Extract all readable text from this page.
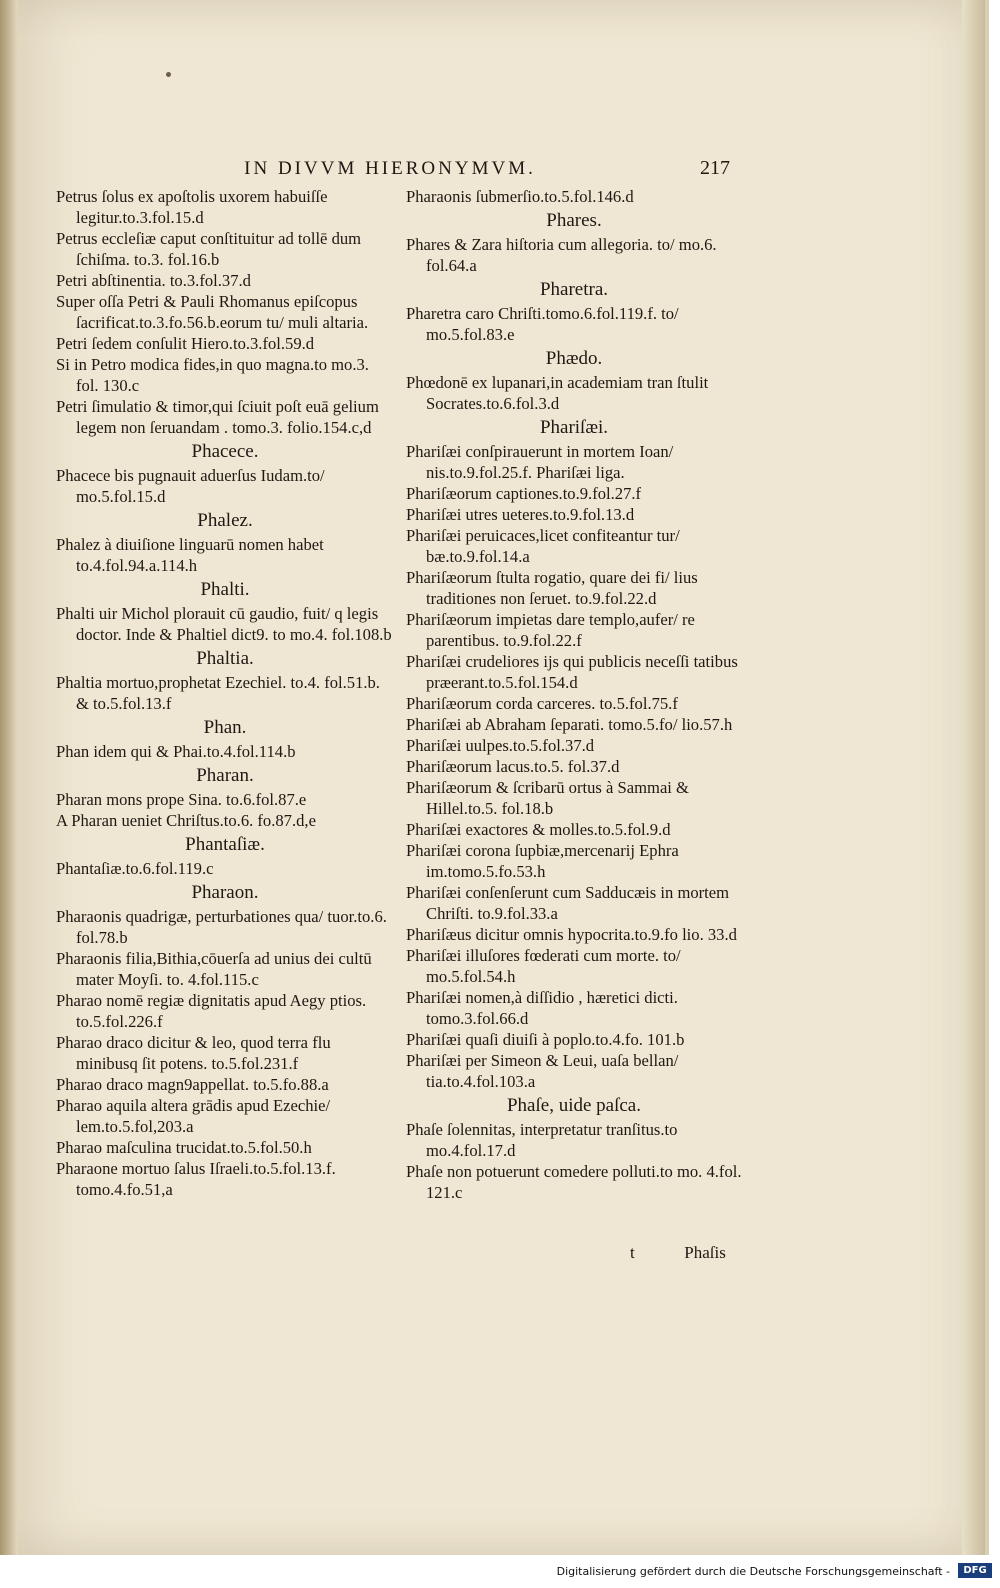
IN DIVVM HIERONYMVM.	217

Petrus ſolus ex apoſtolis uxorem habuiſſe legitur.to.3.fol.15.d

Petrus eccleſiæ caput conſtituitur ad tollē dum ſchiſma. to.3. fol.16.b

Petri abſtinentia. to.3.fol.37.d

Super oſſa Petri & Pauli Rhomanus epiſcopus ſacrificat.to.3.fo.56.b.eorum tu/ muli altaria.

Petri ſedem conſulit Hiero.to.3.fol.59.d

Si in Petro modica fides,in quo magna.to mo.3. fol. 130.c

Petri ſimulatio & timor,qui ſciuit poſt euā gelium legem non ſeruandam . tomo.3. folio.154.c,d

Phacece.

Phacece bis pugnauit aduerſus Iudam.to/ mo.5.fol.15.d

Phalez.

Phalez à diuiſione linguarū nomen habet to.4.fol.94.a.114.h

Phalti.

Phalti uir Michol plorauit cū gaudio, fuit/ q legis doctor. Inde & Phaltiel dict9. to mo.4. fol.108.b

Phaltia.

Phaltia mortuo,prophetat Ezechiel. to.4. fol.51.b. & to.5.fol.13.f

Phan.

Phan idem qui & Phai.to.4.fol.114.b

Pharan.

Pharan mons prope Sina. to.6.fol.87.e

A Pharan ueniet Chriſtus.to.6. fo.87.d,e

Phantaſiæ.

Phantaſiæ.to.6.fol.119.c

Pharaon.

Pharaonis quadrigæ, perturbationes qua/ tuor.to.6. fol.78.b

Pharaonis filia,Bithia,cōuerſa ad unius dei cultū mater Moyſi. to. 4.fol.115.c

Pharao nomē regiæ dignitatis apud Aegy ptios. to.5.fol.226.f

Pharao draco dicitur & leo, quod terra flu minibusq ſit potens. to.5.fol.231.f

Pharao draco magn9appellat. to.5.fo.88.a

Pharao aquila altera grādis apud Ezechie/ lem.to.5.fol,203.a

Pharao maſculina trucidat.to.5.fol.50.h

Pharaone mortuo ſalus Iſraeli.to.5.fol.13.f. tomo.4.fo.51,a

Pharaonis ſubmerſio.to.5.fol.146.d

Phares.

Phares & Zara hiſtoria cum allegoria. to/ mo.6. fol.64.a

Pharetra.

Pharetra caro Chriſti.tomo.6.fol.119.f. to/ mo.5.fol.83.e

Phædo.

Phœdonē ex lupanari,in academiam tran ſtulit Socrates.to.6.fol.3.d

Phariſæi.

Phariſæi conſpirauerunt in mortem Ioan/ nis.to.9.fol.25.f. Phariſæi liga.

Phariſæorum captiones.to.9.fol.27.f

Phariſæi utres ueteres.to.9.fol.13.d

Phariſæi peruicaces,licet confiteantur tur/ bæ.to.9.fol.14.a

Phariſæorum ſtulta rogatio, quare dei fi/ lius traditiones non ſeruet. to.9.fol.22.d

Phariſæorum impietas dare templo,aufer/ re parentibus. to.9.fol.22.f

Phariſæi crudeliores ijs qui publicis neceſſi tatibus præerant.to.5.fol.154.d

Phariſæorum corda carceres. to.5.fol.75.f

Phariſæi ab Abraham ſeparati. tomo.5.fo/ lio.57.h

Phariſæi uulpes.to.5.fol.37.d

Phariſæorum lacus.to.5. fol.37.d

Phariſæorum & ſcribarū ortus à Sammai & Hillel.to.5. fol.18.b

Phariſæi exactores & molles.to.5.fol.9.d

Phariſæi corona ſupbiæ,mercenarij Ephra im.tomo.5.fo.53.h

Phariſæi conſenſerunt cum Sadducæis in mortem Chriſti. to.9.fol.33.a

Phariſæus dicitur omnis hypocrita.to.9.fo lio. 33.d

Phariſæi illuſores fœderati cum morte. to/ mo.5.fol.54.h

Phariſæi nomen,à diſſidio , hæretici dicti. tomo.3.fol.66.d

Phariſæi quaſi diuiſi à poplo.to.4.fo. 101.b

Phariſæi per Simeon & Leui, uaſa bellan/ tia.to.4.fol.103.a

Phaſe, uide paſca.

Phaſe ſolennitas, interpretatur tranſitus.to mo.4.fol.17.d

Phaſe non potuerunt comedere polluti.to mo. 4.fol. 121.c

t	Phaſis
Digitalisierung gefördert durch die Deutsche Forschungsgemeinschaft -	DFG
